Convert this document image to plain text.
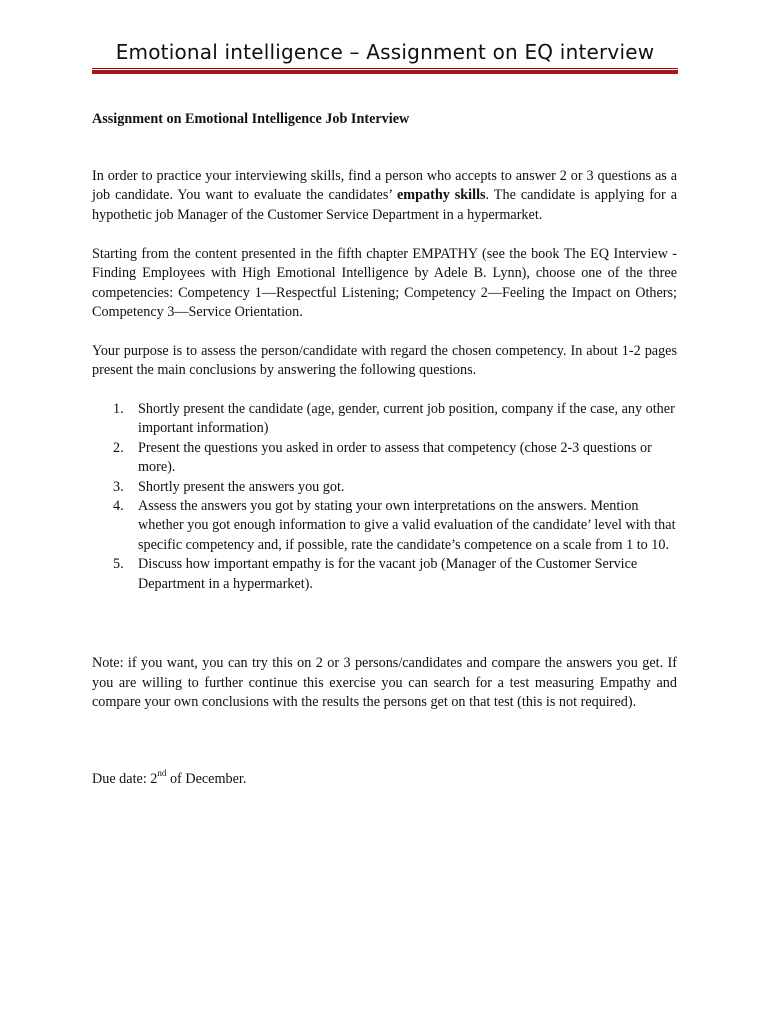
Emotional intelligence – Assignment on EQ interview
Assignment on Emotional Intelligence Job Interview

In order to practice your interviewing skills, find a person who accepts to answer 2 or 3 questions as a job candidate. You want to evaluate the candidates’ empathy skills. The candidate is applying for a hypothetic job Manager of the Customer Service Department in a hypermarket.

Starting from the content presented in the fifth chapter EMPATHY (see the book The EQ Interview - Finding Employees with High Emotional Intelligence by Adele B. Lynn), choose one of the three competencies: Competency 1—Respectful Listening; Competency 2—Feeling the Impact on Others; Competency 3—Service Orientation.

Your purpose is to assess the person/candidate with regard the chosen competency. In about 1-2 pages present the main conclusions by answering the following questions.

1. Shortly present the candidate (age, gender, current job position, company if the case, any other important information)
2. Present the questions you asked in order to assess that competency (chose 2-3 questions or more).
3. Shortly present the answers you got.
4. Assess the answers you got by stating your own interpretations on the answers. Mention whether you got enough information to give a valid evaluation of the candidate’ level with that specific competency and, if possible, rate the candidate’s competence on a scale from 1 to 10.
5. Discuss how important empathy is for the vacant job (Manager of the Customer Service Department in a hypermarket).

Note: if you want, you can try this on 2 or 3 persons/candidates and compare the answers you get. If you are willing to further continue this exercise you can search for a test measuring Empathy and compare your own conclusions with the results the persons get on that test (this is not required).

Due date: 2nd of December.
